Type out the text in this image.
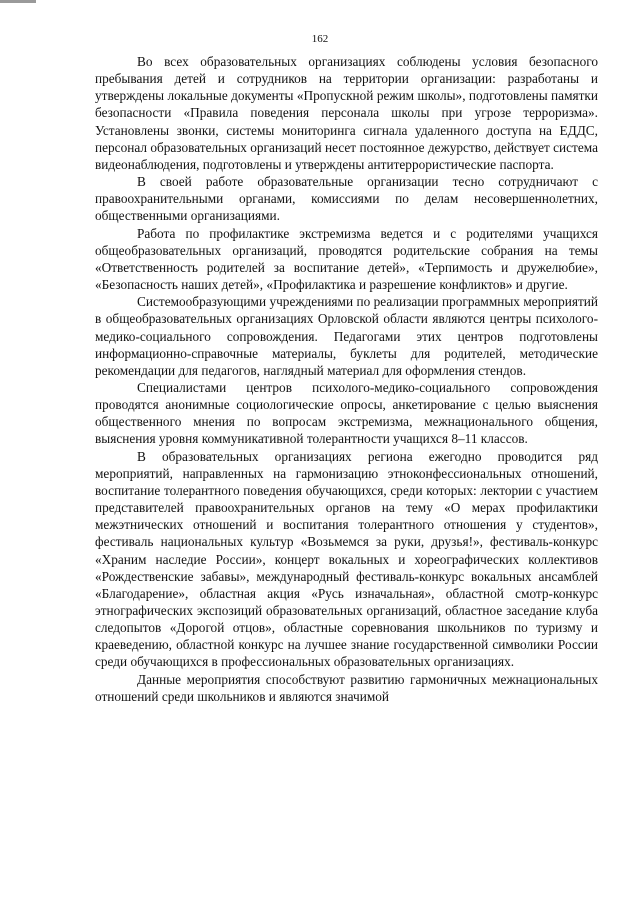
162

Во всех образовательных организациях соблюдены условия безопасного пребывания детей и сотрудников на территории организации: разработаны и утверждены локальные документы «Пропускной режим школы», подготовлены памятки безопасности «Правила поведения персонала школы при угрозе терроризма». Установлены звонки, системы мониторинга сигнала удаленного доступа на ЕДДС, персонал образовательных организаций несет постоянное дежурство, действует система видеонаблюдения, подготовлены и утверждены антитеррористические паспорта.

В своей работе образовательные организации тесно сотрудничают с правоохранительными органами, комиссиями по делам несовершеннолетних, общественными организациями.

Работа по профилактике экстремизма ведется и с родителями учащихся общеобразовательных организаций, проводятся родительские собрания на темы «Ответственность родителей за воспитание детей», «Терпимость и дружелюбие», «Безопасность наших детей», «Профилактика и разрешение конфликтов» и другие.

Системообразующими учреждениями по реализации программных мероприятий в общеобразовательных организациях Орловской области являются центры психолого-медико-социального сопровождения. Педагогами этих центров подготовлены информационно-справочные материалы, буклеты для родителей, методические рекомендации для педагогов, наглядный материал для оформления стендов.

Специалистами центров психолого-медико-социального сопровождения проводятся анонимные социологические опросы, анкетирование с целью выяснения общественного мнения по вопросам экстремизма, межнационального общения, выяснения уровня коммуникативной толерантности учащихся 8–11 классов.

В образовательных организациях региона ежегодно проводится ряд мероприятий, направленных на гармонизацию этноконфессиональных отношений, воспитание толерантного поведения обучающихся, среди которых: лектории с участием представителей правоохранительных органов на тему «О мерах профилактики межэтнических отношений и воспитания толерантного отношения у студентов», фестиваль национальных культур «Возьмемся за руки, друзья!», фестиваль-конкурс «Храним наследие России», концерт вокальных и хореографических коллективов «Рождественские забавы», международный фестиваль-конкурс вокальных ансамблей «Благодарение», областная акция «Русь изначальная», областной смотр-конкурс этнографических экспозиций образовательных организаций, областное заседание клуба следопытов «Дорогой отцов», областные соревнования школьников по туризму и краеведению, областной конкурс на лучшее знание государственной символики России среди обучающихся в профессиональных образовательных организациях.

Данные мероприятия способствуют развитию гармоничных межнациональных отношений среди школьников и являются значимой
